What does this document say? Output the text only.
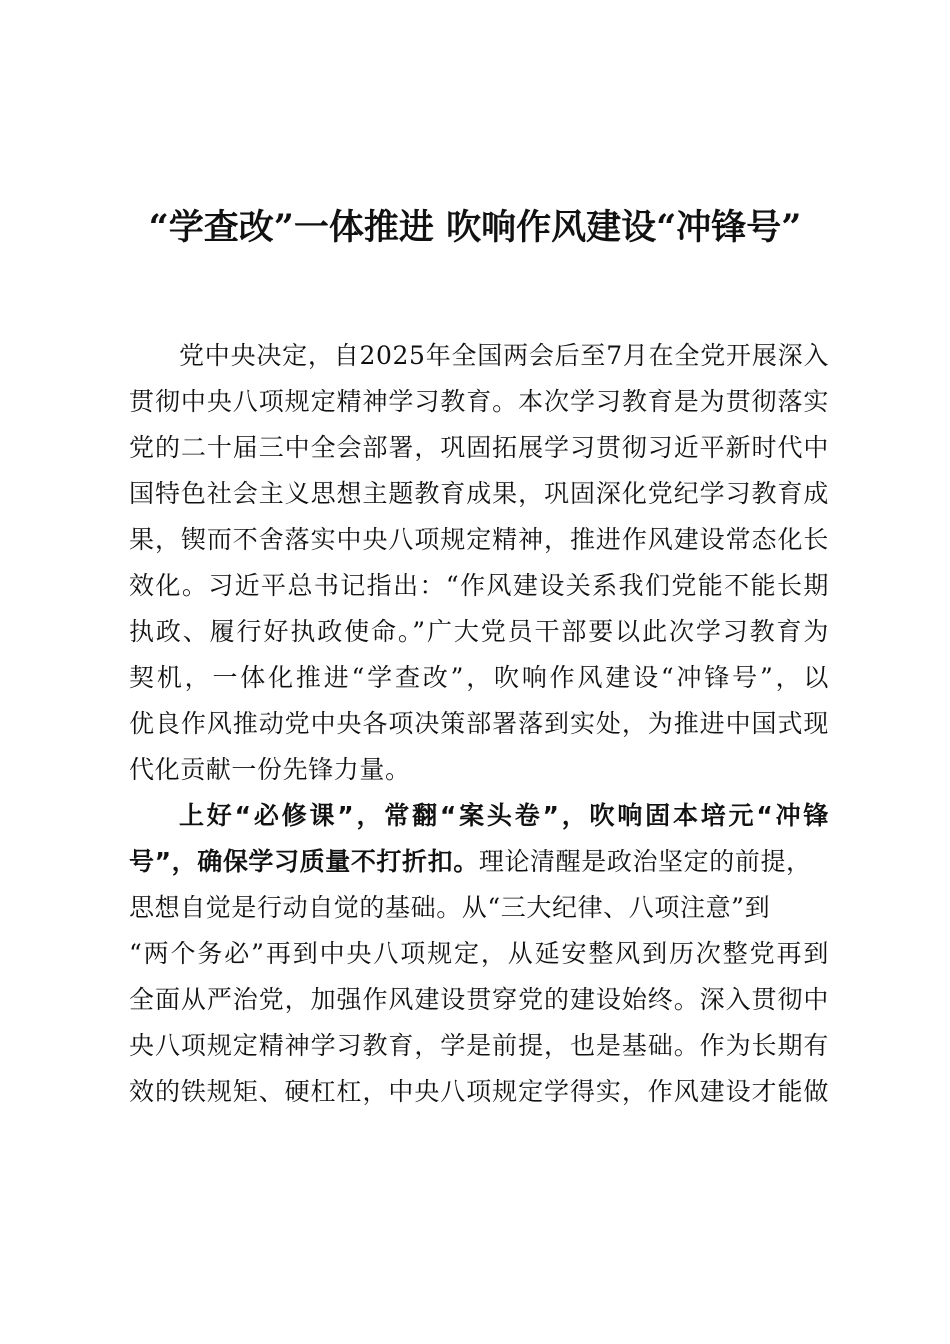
“学查改”一体推进 吹响作风建设“冲锋号”
党中央决定，自2025年全国两会后至7月在全党开展深入
贯彻中央八项规定精神学习教育。本次学习教育是为贯彻落实
党的二十届三中全会部署，巩固拓展学习贯彻习近平新时代中
国特色社会主义思想主题教育成果，巩固深化党纪学习教育成
果，锲而不舍落实中央八项规定精神，推进作风建设常态化长
效化。习近平总书记指出：“作风建设关系我们党能不能长期
执政、履行好执政使命。”广大党员干部要以此次学习教育为
契机，一体化推进“学查改”，吹响作风建设“冲锋号”，以
优良作风推动党中央各项决策部署落到实处，为推进中国式现
代化贡献一份先锋力量。
上好“必修课”，常翻“案头卷”，吹响固本培元“冲锋
号”，确保学习质量不打折扣。理论清醒是政治坚定的前提，
思想自觉是行动自觉的基础。从“三大纪律、八项注意”到
“两个务必”再到中央八项规定，从延安整风到历次整党再到
全面从严治党，加强作风建设贯穿党的建设始终。深入贯彻中
央八项规定精神学习教育，学是前提，也是基础。作为长期有
效的铁规矩、硬杠杠，中央八项规定学得实，作风建设才能做
